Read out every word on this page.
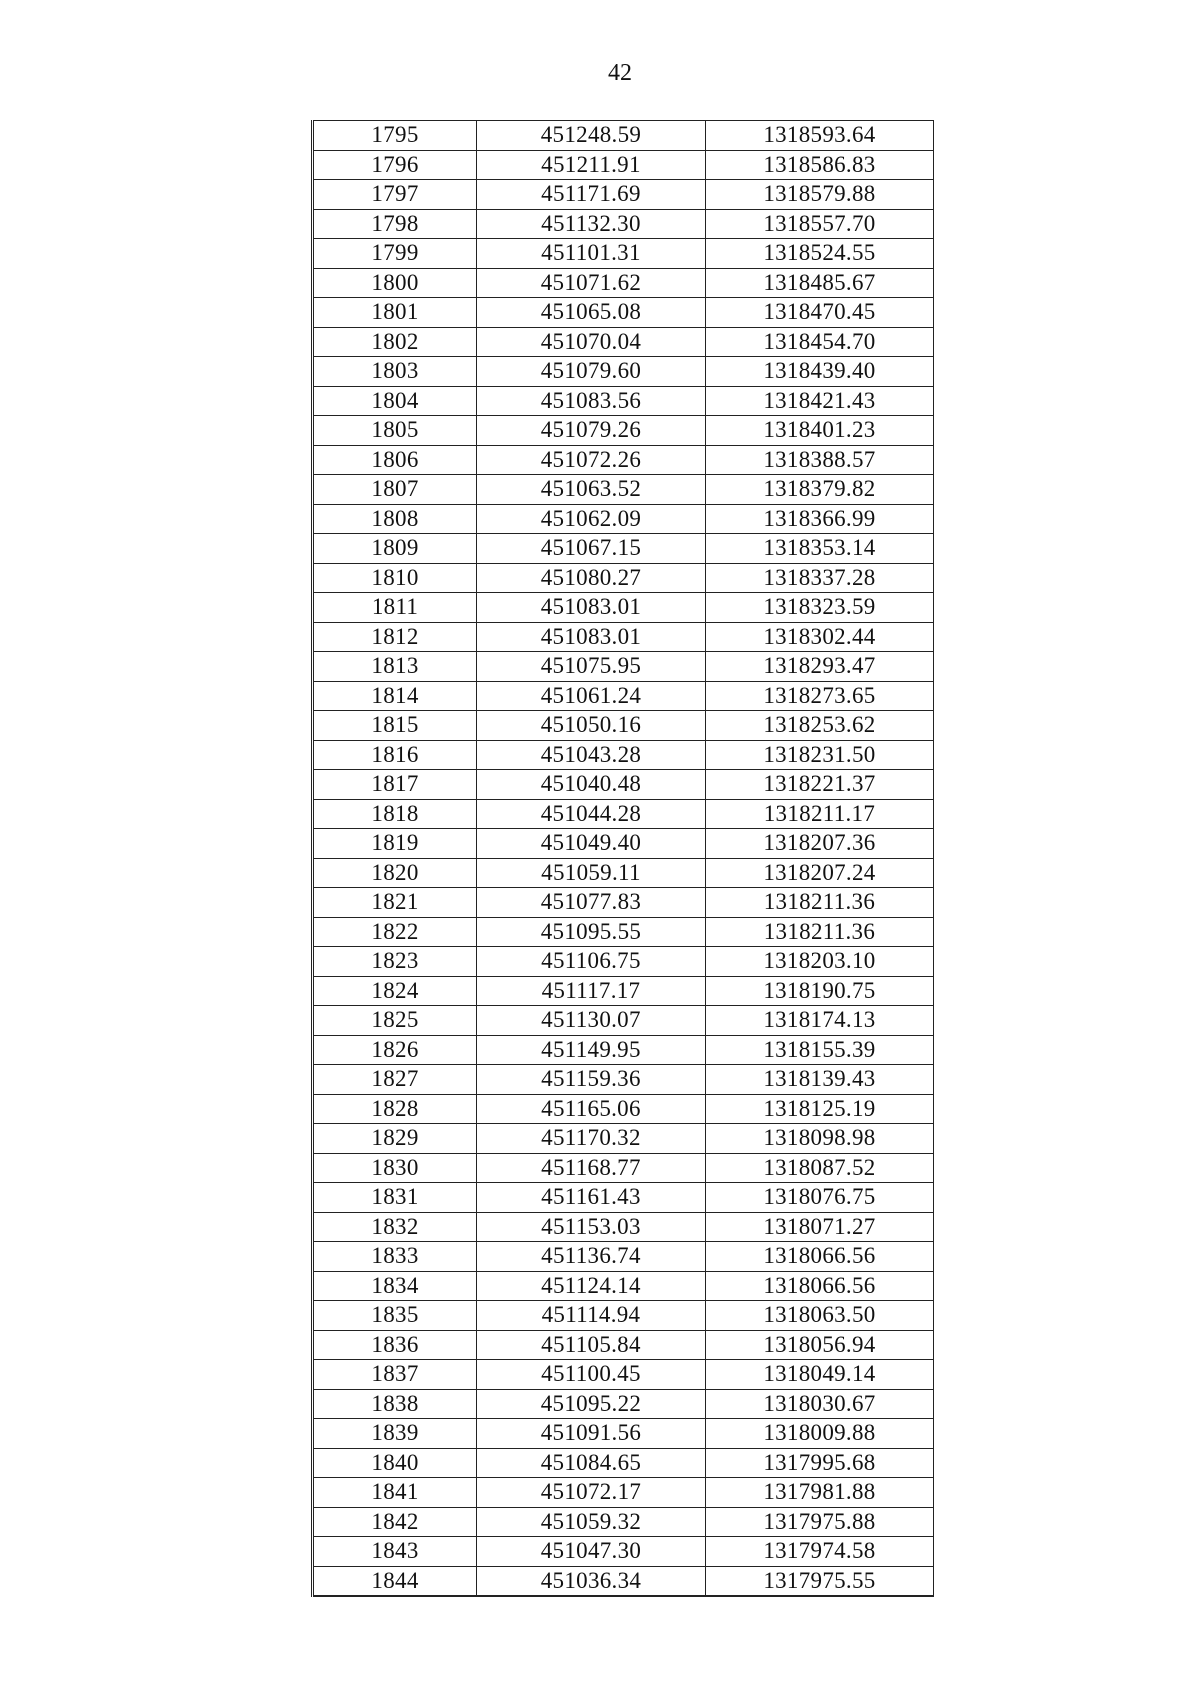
42
1795	451248.59	1318593.64
1796	451211.91	1318586.83
1797	451171.69	1318579.88
1798	451132.30	1318557.70
1799	451101.31	1318524.55
1800	451071.62	1318485.67
1801	451065.08	1318470.45
1802	451070.04	1318454.70
1803	451079.60	1318439.40
1804	451083.56	1318421.43
1805	451079.26	1318401.23
1806	451072.26	1318388.57
1807	451063.52	1318379.82
1808	451062.09	1318366.99
1809	451067.15	1318353.14
1810	451080.27	1318337.28
1811	451083.01	1318323.59
1812	451083.01	1318302.44
1813	451075.95	1318293.47
1814	451061.24	1318273.65
1815	451050.16	1318253.62
1816	451043.28	1318231.50
1817	451040.48	1318221.37
1818	451044.28	1318211.17
1819	451049.40	1318207.36
1820	451059.11	1318207.24
1821	451077.83	1318211.36
1822	451095.55	1318211.36
1823	451106.75	1318203.10
1824	451117.17	1318190.75
1825	451130.07	1318174.13
1826	451149.95	1318155.39
1827	451159.36	1318139.43
1828	451165.06	1318125.19
1829	451170.32	1318098.98
1830	451168.77	1318087.52
1831	451161.43	1318076.75
1832	451153.03	1318071.27
1833	451136.74	1318066.56
1834	451124.14	1318066.56
1835	451114.94	1318063.50
1836	451105.84	1318056.94
1837	451100.45	1318049.14
1838	451095.22	1318030.67
1839	451091.56	1318009.88
1840	451084.65	1317995.68
1841	451072.17	1317981.88
1842	451059.32	1317975.88
1843	451047.30	1317974.58
1844	451036.34	1317975.55
